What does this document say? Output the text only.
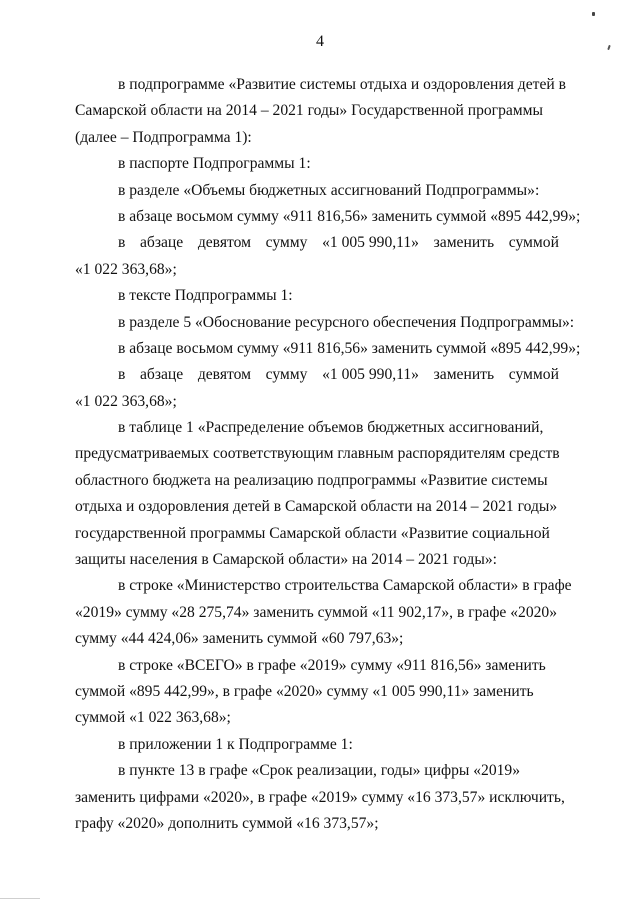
4
в подпрограмме «Развитие системы отдыха и оздоровления детей в
Самарской области на 2014 – 2021 годы» Государственной программы
(далее – Подпрограмма 1):
в паспорте Подпрограммы 1:
в разделе «Объемы бюджетных ассигнований Подпрограммы»:
в абзаце восьмом сумму «911 816,56» заменить суммой «895 442,99»;
в абзаце девятом сумму «1 005 990,11» заменить суммой
«1 022 363,68»;
в тексте Подпрограммы 1:
в разделе 5 «Обоснование ресурсного обеспечения Подпрограммы»:
в абзаце восьмом сумму «911 816,56» заменить суммой «895 442,99»;
в абзаце девятом сумму «1 005 990,11» заменить суммой
«1 022 363,68»;
в таблице 1 «Распределение объемов бюджетных ассигнований,
предусматриваемых соответствующим главным распорядителям средств
областного бюджета на реализацию подпрограммы «Развитие системы
отдыха и оздоровления детей в Самарской области на 2014 – 2021 годы»
государственной программы Самарской области «Развитие социальной
защиты населения в Самарской области» на 2014 – 2021 годы»:
в строке «Министерство строительства Самарской области» в графе
«2019» сумму «28 275,74» заменить суммой «11 902,17», в графе «2020»
сумму «44 424,06» заменить суммой «60 797,63»;
в строке «ВСЕГО» в графе «2019» сумму «911 816,56» заменить
суммой «895 442,99», в графе «2020» сумму «1 005 990,11» заменить
суммой «1 022 363,68»;
в приложении 1 к Подпрограмме 1:
в пункте 13 в графе «Срок реализации, годы» цифры «2019»
заменить цифрами «2020», в графе «2019» сумму «16 373,57» исключить,
графу «2020» дополнить суммой «16 373,57»;
